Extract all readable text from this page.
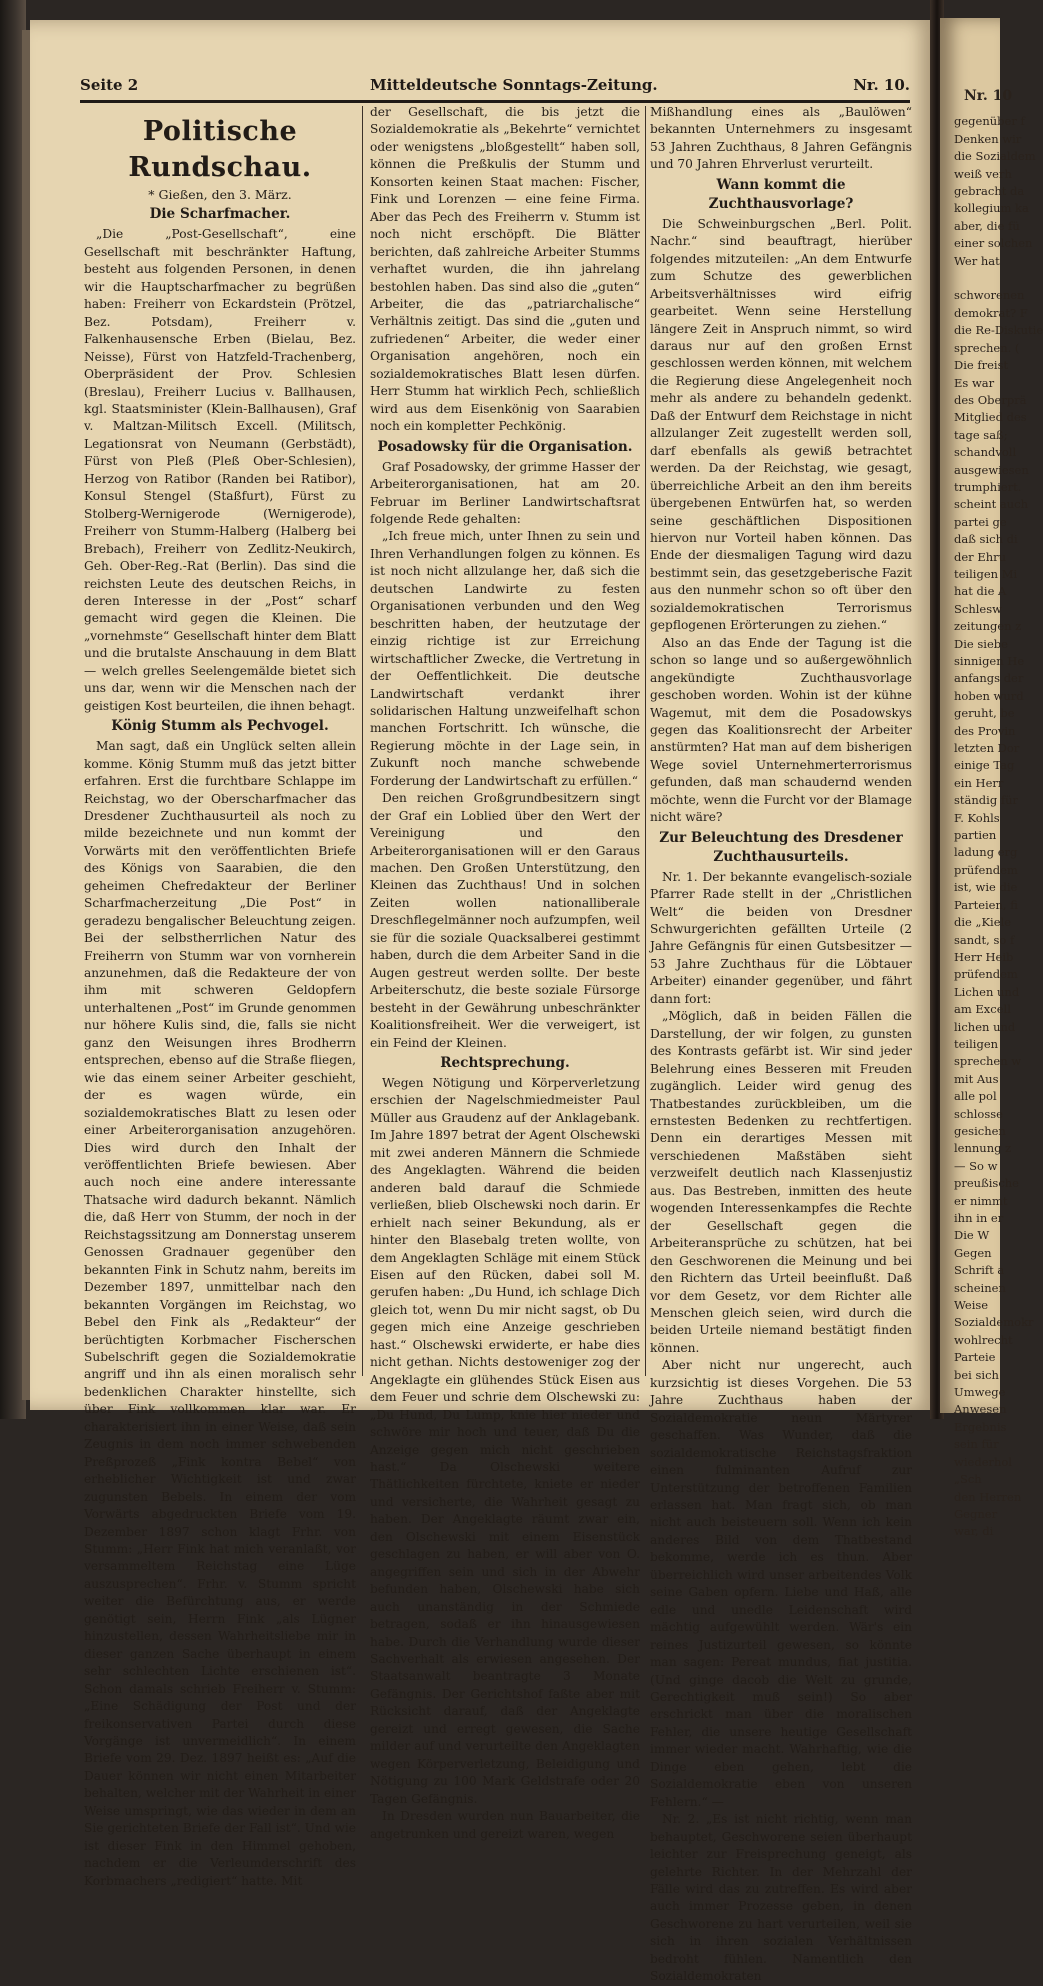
Nr. 10
gegenüber f
Denken wir
die Sozialdem
weiß verh
gebracht da
kollegium ka
aber, die fü
einer solchen
Wer hat

schworenen
demokrat? F
die Re-Diskutie
sprechen. (
Die freist
Es war
des Oberprä
Mitglied des
tage saß;
schandvoll
ausgewiesen
trumphiert.
scheint auch
partei ge
daß sich di
der Ehru
teiligen Mi
hat die A
Schlesw
zeitungen z
Die siebe
sinnigen He
anfangs der
hoben wurd
geruht, be
des Provin
letzten Dor
einige Tag
ein Herr
ständig für
F. Kohls
partien
ladung erg
prüfendem
ist, wie die
Parteien, fi
die „Kiele
sandt, so f
Herr Heib
prüfendem
Lichen und
am Excell
lichen und
teiligen
sprechen w
mit Aus
alle pol
schlosse
gesichen
lennung z
— So w
preußische
er nimmt
ihn in er
Die W
Gegen
Schrift a
scheinen
Weise
Sozialdemokr
wohlrecht
Parteie
bei sich
Umwege
Anwesen
Ergebnis
sein für
wiederhol
„Sch
den Herren
Gegner
war, di
Seite 2	Mitteldeutsche Sonntags-Zeitung.	Nr. 10.
Politische Rundschau.
* Gießen, den 3. März.
Die Scharfmacher.

„Die „Post-Gesellschaft“, eine Gesellschaft mit beschränkter Haftung, besteht aus folgenden Personen, in denen wir die Hauptscharfmacher zu begrüßen haben: Freiherr von Eckardstein (Prötzel, Bez. Potsdam), Freiherr v. Falkenhausensche Erben (Bielau, Bez. Neisse), Fürst von Hatzfeld-Trachenberg, Oberpräsident der Prov. Schlesien (Breslau), Freiherr Lucius v. Ballhausen, kgl. Staatsminister (Klein-Ballhausen), Graf v. Maltzan-Militsch Excell. (Militsch, Legationsrat von Neumann (Gerbstädt), Fürst von Pleß (Pleß Ober-Schlesien), Herzog von Ratibor (Randen bei Ratibor), Konsul Stengel (Staßfurt), Fürst zu Stolberg-Wernigerode (Wernigerode), Freiherr von Stumm-Halberg (Halberg bei Brebach), Freiherr von Zedlitz-Neukirch, Geh. Ober-Reg.-Rat (Berlin). Das sind die reichsten Leute des deutschen Reichs, in deren Interesse in der „Post“ scharf gemacht wird gegen die Kleinen. Die „vornehmste“ Gesellschaft hinter dem Blatt und die brutalste Anschauung in dem Blatt — welch grelles Seelengemälde bietet sich uns dar, wenn wir die Menschen nach der geistigen Kost beurteilen, die ihnen behagt.

König Stumm als Pechvogel.

Man sagt, daß ein Unglück selten allein komme. König Stumm muß das jetzt bitter erfahren. Erst die furchtbare Schlappe im Reichstag, wo der Oberscharfmacher das Dresdener Zuchthausurteil als noch zu milde bezeichnete und nun kommt der Vorwärts mit den veröffentlichten Briefe des Königs von Saarabien, die den geheimen Chefredakteur der Berliner Scharfmacherzeitung „Die Post“ in geradezu bengalischer Beleuchtung zeigen. Bei der selbstherrlichen Natur des Freiherrn von Stumm war von vornherein anzunehmen, daß die Redakteure der von ihm mit schweren Geldopfern unterhaltenen „Post“ im Grunde genommen nur höhere Kulis sind, die, falls sie nicht ganz den Weisungen ihres Brodherrn entsprechen, ebenso auf die Straße fliegen, wie das einem seiner Arbeiter geschieht, der es wagen würde, ein sozialdemokratisches Blatt zu lesen oder einer Arbeiterorganisation anzugehören. Dies wird durch den Inhalt der veröffentlichten Briefe bewiesen. Aber auch noch eine andere interessante Thatsache wird dadurch bekannt. Nämlich die, daß Herr von Stumm, der noch in der Reichstagssitzung am Donnerstag unserem Genossen Gradnauer gegenüber den bekannten Fink in Schutz nahm, bereits im Dezember 1897, unmittelbar nach den bekannten Vorgängen im Reichstag, wo Bebel den Fink als „Redakteur“ der berüchtigten Korbmacher Fischerschen Subelschrift gegen die Sozialdemokratie angriff und ihn als einen moralisch sehr bedenklichen Charakter hinstellte, sich über Fink vollkommen klar war. Er charakterisiert ihn in einer Weise, daß sein Zeugnis in dem noch immer schwebenden Preßprozeß „Fink kontra Bebel“ von erheblicher Wichtigkeit ist und zwar zugunsten Bebels. In einem der vom Vorwärts abgedruckten Briefe vom 19. Dezember 1897 schon klagt Frhr. von Stumm: „Herr Fink hat mich veranlaßt, vor versammeltem Reichstag eine Lüge auszusprechen“. Frhr. v. Stumm spricht weiter die Befürchtung aus, er werde genötigt sein, Herrn Fink „als Lügner hinzustellen, dessen Wahrheitsliebe mir in dieser ganzen Sache überhaupt in einem sehr schlechten Lichte erschienen ist“. Schon damals schrieb Freiherr v. Stumm: „Eine Schädigung der Post und der freikonservativen Partei durch diese Vorgänge ist unvermeidlich“. In einem Briefe vom 29. Dez. 1897 heißt es: „Auf die Dauer können wir nicht einen Mitarbeiter behalten, welcher mit der Wahrheit in einer Weise umspringt, wie das wieder in dem an Sie gerichteten Briefe der Fall ist“. Und wie ist dieser Fink in den Himmel gehoben, nachdem er die Verleumderschrift des Korbmachers „redigiert“ hatte. Mit

der Gesellschaft, die bis jetzt die Sozialdemokratie als „Bekehrte“ vernichtet oder wenigstens „bloßgestellt“ haben soll, können die Preßkulis der Stumm und Konsorten keinen Staat machen: Fischer, Fink und Lorenzen — eine feine Firma. Aber das Pech des Freiherrn v. Stumm ist noch nicht erschöpft. Die Blätter berichten, daß zahlreiche Arbeiter Stumms verhaftet wurden, die ihn jahrelang bestohlen haben. Das sind also die „guten“ Arbeiter, die das „patriarchalische“ Verhältnis zeitigt. Das sind die „guten und zufriedenen“ Arbeiter, die weder einer Organisation angehören, noch ein sozialdemokratisches Blatt lesen dürfen. Herr Stumm hat wirklich Pech, schließlich wird aus dem Eisenkönig von Saarabien noch ein kompletter Pechkönig.

Posadowsky für die Organisation.

Graf Posadowsky, der grimme Hasser der Arbeiterorganisationen, hat am 20. Februar im Berliner Landwirtschaftsrat folgende Rede gehalten:

„Ich freue mich, unter Ihnen zu sein und Ihren Verhandlungen folgen zu können. Es ist noch nicht allzulange her, daß sich die deutschen Landwirte zu festen Organisationen verbunden und den Weg beschritten haben, der heutzutage der einzig richtige ist zur Erreichung wirtschaftlicher Zwecke, die Vertretung in der Oeffentlichkeit. Die deutsche Landwirtschaft verdankt ihrer solidarischen Haltung unzweifelhaft schon manchen Fortschritt. Ich wünsche, die Regierung möchte in der Lage sein, in Zukunft noch manche schwebende Forderung der Landwirtschaft zu erfüllen.“

Den reichen Großgrundbesitzern singt der Graf ein Loblied über den Wert der Vereinigung und den Arbeiterorganisationen will er den Garaus machen. Den Großen Unterstützung, den Kleinen das Zuchthaus! Und in solchen Zeiten wollen nationalliberale Dreschflegelmänner noch aufzumpfen, weil sie für die soziale Quacksalberei gestimmt haben, durch die dem Arbeiter Sand in die Augen gestreut werden sollte. Der beste Arbeiterschutz, die beste soziale Fürsorge besteht in der Gewährung unbeschränkter Koalitionsfreiheit. Wer die verweigert, ist ein Feind der Kleinen.

Rechtsprechung.

Wegen Nötigung und Körperverletzung erschien der Nagelschmiedmeister Paul Müller aus Graudenz auf der Anklagebank. Im Jahre 1897 betrat der Agent Olschewski mit zwei anderen Männern die Schmiede des Angeklagten. Während die beiden anderen bald darauf die Schmiede verließen, blieb Olschewski noch darin. Er erhielt nach seiner Bekundung, als er hinter den Blasebalg treten wollte, von dem Angeklagten Schläge mit einem Stück Eisen auf den Rücken, dabei soll M. gerufen haben: „Du Hund, ich schlage Dich gleich tot, wenn Du mir nicht sagst, ob Du gegen mich eine Anzeige geschrieben hast.“ Olschewski erwiderte, er habe dies nicht gethan. Nichts destoweniger zog der Angeklagte ein glühendes Stück Eisen aus dem Feuer und schrie dem Olschewski zu: „Du Hund, Du Lump, knie hier nieder und schwöre mir hoch und teuer, daß Du die Anzeige gegen mich nicht geschrieben hast.“ Da Olschewski weitere Thätlichkeiten fürchtete, kniete er nieder und versicherte, die Wahrheit gesagt zu haben. Der Angeklagte räumt zwar ein, den Olschewski mit einem Eisenstück geschlagen zu haben, er will aber von O. angegriffen sein und sich in der Abwehr befunden haben, Olschewski habe sich auch unanständig in der Schmiede betragen, sodaß er ihn hinausgewiesen habe. Durch die Verhandlung wurde dieser Sachverhalt als erwiesen angesehen. Der Staatsanwalt beantragte 3 Monate Gefängnis. Der Gerichtshof faßte aber mit Rücksicht darauf, daß der Angeklagte gereizt und erregt gewesen, die Sache milder auf und verurteilte den Angeklagten wegen Körperverletzung, Beleidigung und Nötigung zu 100 Mark Geldstrafe oder 20 Tagen Gefängnis.

In Dresden wurden nun Bauarbeiter, die angetrunken und gereizt waren, wegen

Mißhandlung eines als „Baulöwen“ bekannten Unternehmers zu insgesamt 53 Jahren Zuchthaus, 8 Jahren Gefängnis und 70 Jahren Ehrverlust verurteilt.

Wann kommt die Zuchthausvorlage?

Die Schweinburgschen „Berl. Polit. Nachr.“ sind beauftragt, hierüber folgendes mitzuteilen: „An dem Entwurfe zum Schutze des gewerblichen Arbeitsverhältnisses wird eifrig gearbeitet. Wenn seine Herstellung längere Zeit in Anspruch nimmt, so wird daraus nur auf den großen Ernst geschlossen werden können, mit welchem die Regierung diese Angelegenheit noch mehr als andere zu behandeln gedenkt. Daß der Entwurf dem Reichstage in nicht allzulanger Zeit zugestellt werden soll, darf ebenfalls als gewiß betrachtet werden. Da der Reichstag, wie gesagt, überreichliche Arbeit an den ihm bereits übergebenen Entwürfen hat, so werden seine geschäftlichen Dispositionen hiervon nur Vorteil haben können. Das Ende der diesmaligen Tagung wird dazu bestimmt sein, das gesetzgeberische Fazit aus den nunmehr schon so oft über den sozialdemokratischen Terrorismus gepflogenen Erörterungen zu ziehen.“

Also an das Ende der Tagung ist die schon so lange und so außergewöhnlich angekündigte Zuchthausvorlage geschoben worden. Wohin ist der kühne Wagemut, mit dem die Posadowskys gegen das Koalitionsrecht der Arbeiter anstürmten? Hat man auf dem bisherigen Wege soviel Unternehmerterrorismus gefunden, daß man schaudernd wenden möchte, wenn die Furcht vor der Blamage nicht wäre?

Zur Beleuchtung des Dresdener Zuchthausurteils.

Nr. 1. Der bekannte evangelisch-soziale Pfarrer Rade stellt in der „Christlichen Welt“ die beiden von Dresdner Schwurgerichten gefällten Urteile (2 Jahre Gefängnis für einen Gutsbesitzer — 53 Jahre Zuchthaus für die Löbtauer Arbeiter) einander gegenüber, und fährt dann fort:

„Möglich, daß in beiden Fällen die Darstellung, der wir folgen, zu gunsten des Kontrasts gefärbt ist. Wir sind jeder Belehrung eines Besseren mit Freuden zugänglich. Leider wird genug des Thatbestandes zurückbleiben, um die ernstesten Bedenken zu rechtfertigen. Denn ein derartiges Messen mit verschiedenen Maßstäben sieht verzweifelt deutlich nach Klassenjustiz aus. Das Bestreben, inmitten des heute wogenden Interessenkampfes die Rechte der Gesellschaft gegen die Arbeiteransprüche zu schützen, hat bei den Geschworenen die Meinung und bei den Richtern das Urteil beeinflußt. Daß vor dem Gesetz, vor dem Richter alle Menschen gleich seien, wird durch die beiden Urteile niemand bestätigt finden können.

Aber nicht nur ungerecht, auch kurzsichtig ist dieses Vorgehen. Die 53 Jahre Zuchthaus haben der Sozialdemokratie neun Märtyrer geschaffen. Was Wunder, daß die sozialdemokratische Reichstagsfraktion einen fulminanten Aufruf zur Unterstützung der betroffenen Familien erlassen hat. Man fragt sich, ob man nicht auch beisteuern soll. Wenn ich kein anderes Bild von dem Thatbestand bekomme, werde ich es thun. Aber überreichlich wird unser arbeitendes Volk seine Gaben opfern. Liebe und Haß, alle edle und unedle Leidenschaft wird mächtig aufgewühlt werden. Wär's ein reines Justizurteil gewesen, so könnte man sagen: Pereat mundus, fiat justitia. (Und ginge dacob die Welt zu grunde, Gerechtigkeit muß sein!) So aber erschrickt man über die moralischen Fehler, die unsere heutige Gesellschaft immer wieder macht. Wahrhaftig, wie die Dinge eben gehen, lebt die Sozialdemokratie eben von unseren Fehlern.“ —

Nr. 2. „Es ist nicht richtig, wenn man behauptet, Geschworene seien überhaupt leichter zur Freisprechung geneigt, als gelehrte Richter. In der Mehrzahl der Fälle wird das zu zutreffen. Es wird aber auch immer Prozesse geben, in denen Geschworene zu hart verurteilen, weil sie sich in ihren sozialen Verhältnissen bedroht fühlen. Namentlich den Sozialdemokraten
